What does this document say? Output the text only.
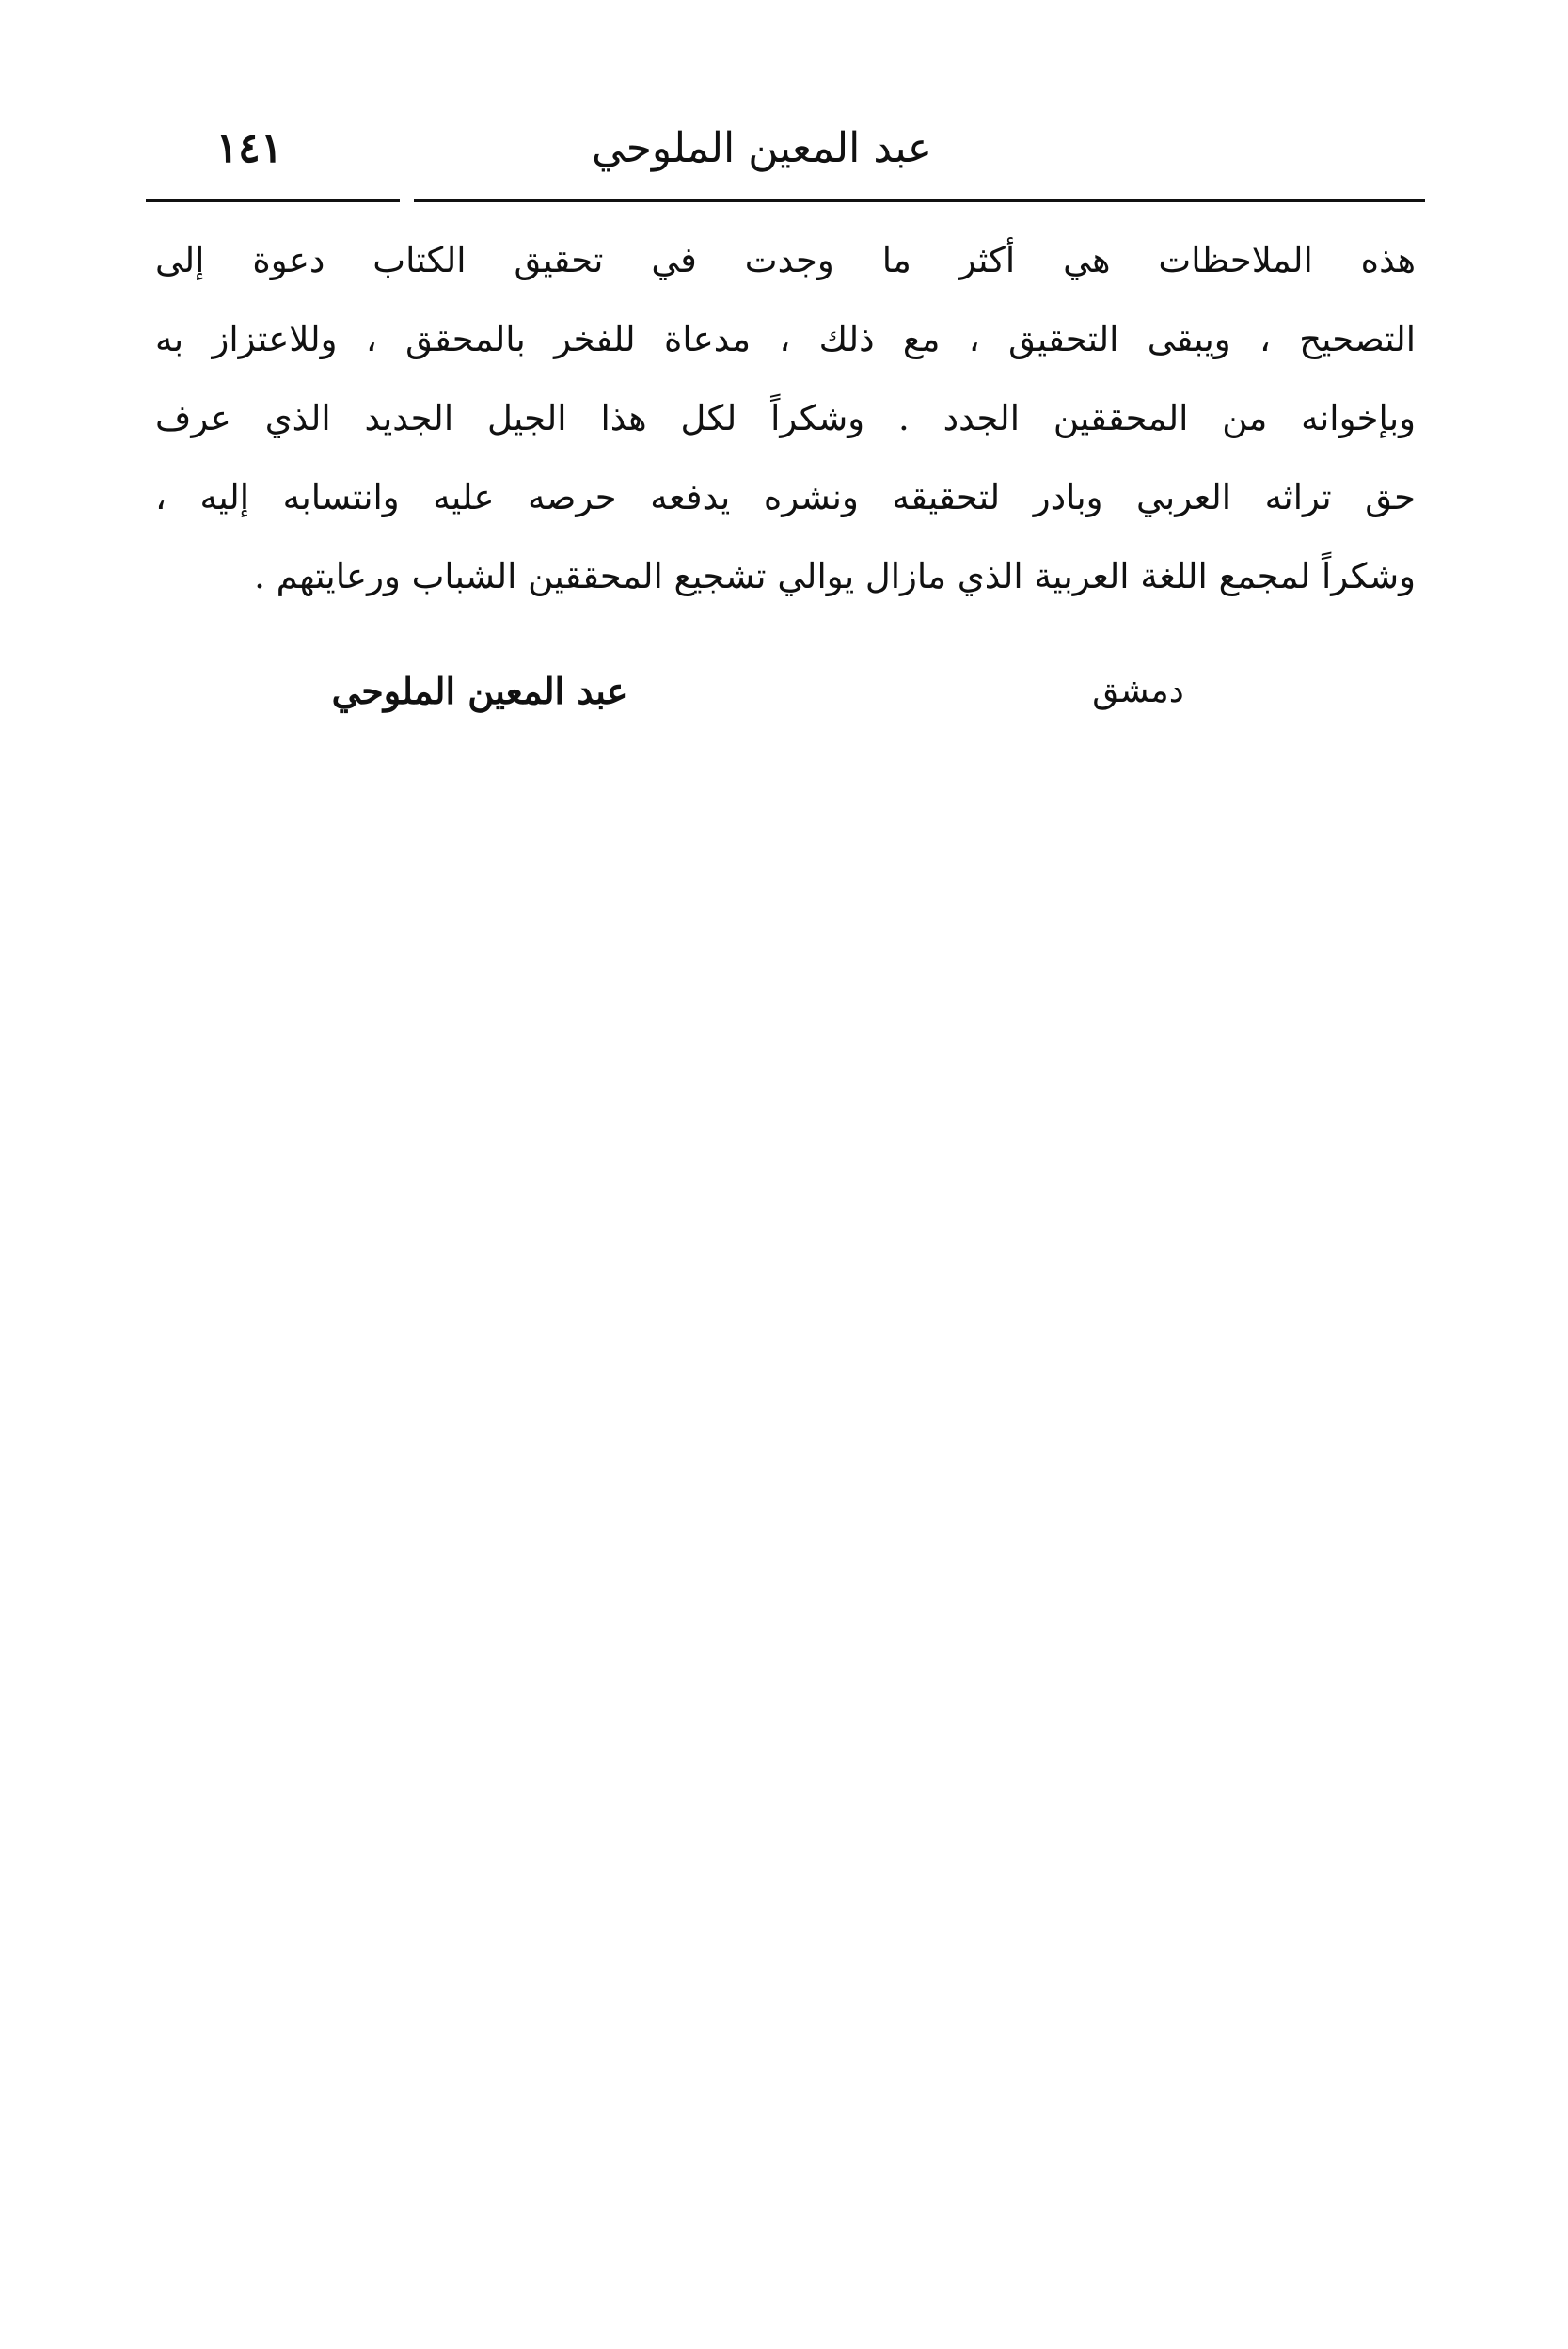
عبد المعين الملوحي
١٤١
هذه الملاحظات هي أكثر ما وجدت في تحقيق الكتاب دعوة إلى
التصحيح ، ويبقى التحقيق ، مع ذلك ، مدعاة للفخر بالمحقق ، وللاعتزاز به
وبإخوانه من المحققين الجدد . وشكراً لكل هذا الجيل الجديد الذي عرف
حق تراثه العربي وبادر لتحقيقه ونشره يدفعه حرصه عليه وانتسابه إليه ،
وشكراً لمجمع اللغة العربية الذي مازال يوالي تشجيع المحققين الشباب ورعايتهم .
دمشق
عبد المعين الملوحي
